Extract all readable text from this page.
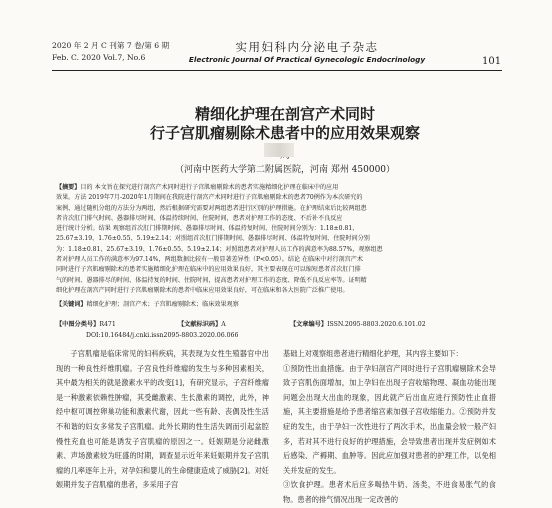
2020 年 2 月 C 刊第 7 卷/第 6 期
Feb. C. 2020 Vol.7, No.6
实用妇科内分泌电子杂志
Electronic Journal Of Practical Gynecologic Endocrinology	101
精细化护理在剖宫产术同时
行子宫肌瘤剔除术患者中的应用效果观察
（河南中医药大学第二附属医院，河南 郑州 450000）
【摘要】目的 本文旨在探究进行剖宫产术同时进行子宫肌瘤剔除术的患者实施精细化护理在临床中的应用
效果。方法 2019年7月-2020年1月期间在我院进行剖宫产术同时进行子宫肌瘤剔除术的患者70例作为本次研究的
案例，通过随机分组的方法分为两组，然后根据研究需要对两组患者进行区别的护理措施。在护理结束后比较两组患
者肯次肛门排气时间、愚器排尽时间、体温持续时间、住院时间，患者对护理工作的态度、不后补不良反应
进行统计分析。结果 观察组首次肛门排期时间、愚器排尽时间、体温持复时间、住院时间分别为：1.18±0.81、
25.67±3.19、1.76±0.55、5.19±2.14；对照组首次肛门排期时间、愚器排尽时间、体温特复时间、住院时间分别
为：1.18±0.81、25.67±3.19、1.76±0.55、5.19±2.14；对照组患者对护理人员工作的满意率为88.57%，观察组患
者对护理人员工作的满意率为97.14%，两组数据比较有一般显著差异性（P<0.05）。结论 在临床中对行剖宫产术
同时进行子宫肌瘤剔除术的患者实施精细化护理在临床中的应用效果良好，其主要表现在可以缩短患者首次肛门排
气的时间、愚器排尽的时间、体温持复的时间、住院时间，提高患者对护理工作的态度、降低不良反应率等。证明精
细化护理在剖宫产同时进行子宫肌瘤剔除术的患者中临床应用效果良好，可在临床和各大医院广泛推广使用。
【关键词】精细化护理；剖宫产术；子宫肌瘤剔除术；临床效果观察
【中图分类号】R471	【文献标识码】A	【文章编号】ISSN.2095-8803.2020.6.101.02
DOI:10.16484/j.cnki.issn2095-8803.2020.06.066

子宫肌瘤是临床常见的妇科疾病，其表现为女性生殖器官中出现的一种良性纤维肌瘤。子宫良性纤维瘤的发生与多种因素相关，其中最为相关的就是激素水平的改变[1]，有研究显示，子宫纤维瘤是一种激素依赖性肿瘤，其受雌激素、生长激素的调控，此外，神经中枢可调控卵巢功能和激素代谢，因此一些有龄、丧偶及性生活不和谐的妇女多常发子宫肌瘤。此外长期的性生活失调而引起盆腔慢性充血也可能是诱发子宫肌瘤的原因之一。妊娠期是分泌雌激素、声场激素较为旺盛的时期，调查显示近年来妊娠期并发子宫肌瘤的几率逐年上升，对孕妇和婴儿的生命健康造成了威胁[2]。对妊娠期并发子宫肌瘤的患者，多采用子宫

基础上对观察组患者进行精细化护理，其内容主要如下：

①预防性出血措施。由于孕妇剖宫产同时进行子宫肌瘤剔除术会导致子宫肌伤面增加，加上孕妇在出现子宫收缩物理、凝血功能出现问题会出现大出血的现象，因此就产后出血应进行预防性止血措施，其主要措施是给予患者缩宫素加强子宫收缩能力。②预防并发症的发生，由于孕妇一次性进行了两次手术，出血量会较一般产妇多，若对其不进行良好的护理措施，会导致患者出现并发症例如术后感染、产褥期、血肿等。因此应加强对患者的护理工作，以免相关并发症的发生。

③饮食护理。患者术后应多喝热牛奶、汤类，不进食易胀气的食物。患者的排气情况出现一定改善的
